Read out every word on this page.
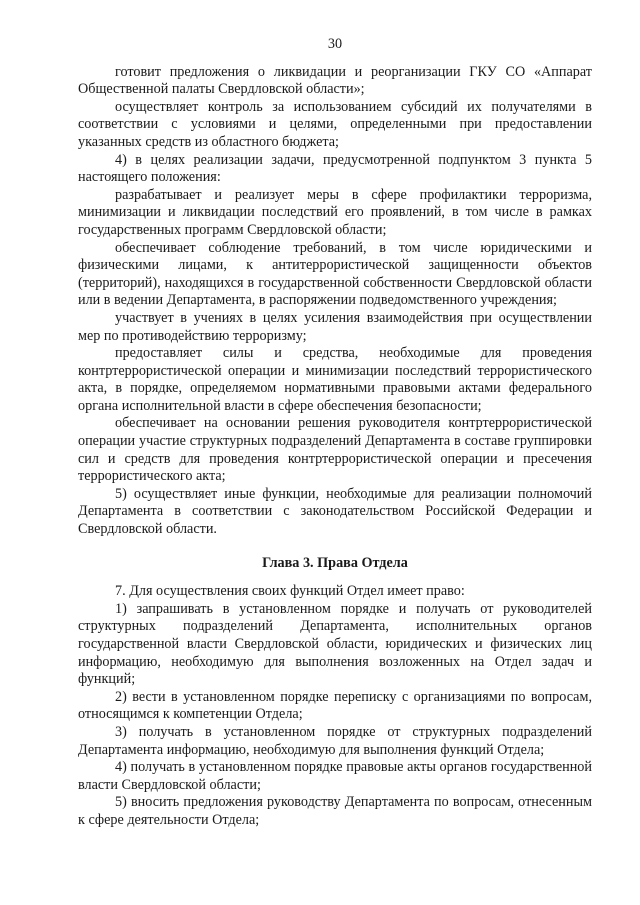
30

готовит предложения о ликвидации и реорганизации ГКУ СО «Аппарат Общественной палаты Свердловской области»;

осуществляет контроль за использованием субсидий их получателями в соответствии с условиями и целями, определенными при предоставлении указанных средств из областного бюджета;

4) в целях реализации задачи, предусмотренной подпунктом 3 пункта 5 настоящего положения:

разрабатывает и реализует меры в сфере профилактики терроризма, минимизации и ликвидации последствий его проявлений, в том числе в рамках государственных программ Свердловской области;

обеспечивает соблюдение требований, в том числе юридическими и физическими лицами, к антитеррористической защищенности объектов (территорий), находящихся в государственной собственности Свердловской области или в ведении Департамента, в распоряжении подведомственного учреждения;

участвует в учениях в целях усиления взаимодействия при осуществлении мер по противодействию терроризму;

предоставляет силы и средства, необходимые для проведения контртеррористической операции и минимизации последствий террористического акта, в порядке, определяемом нормативными правовыми актами федерального органа исполнительной власти в сфере обеспечения безопасности;

обеспечивает на основании решения руководителя контртеррористической операции участие структурных подразделений Департамента в составе группировки сил и средств для проведения контртеррористической операции и пресечения террористического акта;

5) осуществляет иные функции, необходимые для реализации полномочий Департамента в соответствии с законодательством Российской Федерации и Свердловской области.

Глава 3. Права Отдела

7. Для осуществления своих функций Отдел имеет право:

1) запрашивать в установленном порядке и получать от руководителей структурных подразделений Департамента, исполнительных органов государственной власти Свердловской области, юридических и физических лиц информацию, необходимую для выполнения возложенных на Отдел задач и функций;

2) вести в установленном порядке переписку с организациями по вопросам, относящимся к компетенции Отдела;

3) получать в установленном порядке от структурных подразделений Департамента информацию, необходимую для выполнения функций Отдела;

4) получать в установленном порядке правовые акты органов государственной власти Свердловской области;

5) вносить предложения руководству Департамента по вопросам, отнесенным к сфере деятельности Отдела;
